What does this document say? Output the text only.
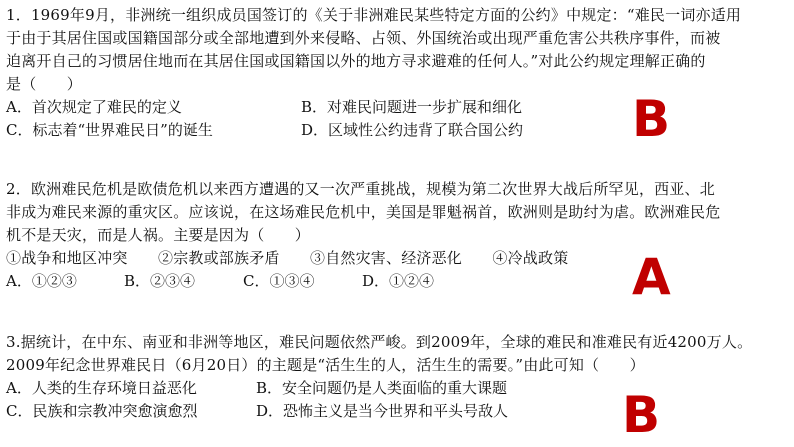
1．1969年9月，非洲统一组织成员国签订的《关于非洲难民某些特定方面的公约》中规定：“难民一词亦适用
于由于其居住国或国籍国部分或全部地遭到外来侵略、占领、外国统治或出现严重危害公共秩序事件，而被
迫离开自己的习惯居住地而在其居住国或国籍国以外的地方寻求避难的任何人。”对此公约规定理解正确的
是（　　）
A．首次规定了难民的定义	B．对难民问题进一步扩展和细化
C．标志着“世界难民日”的诞生	D．区域性公约违背了联合国公约 B
2．欧洲难民危机是欧债危机以来西方遭遇的又一次严重挑战，规模为第二次世界大战后所罕见，西亚、北
非成为难民来源的重灾区。应该说，在这场难民危机中，美国是罪魁祸首，欧洲则是助纣为虐。欧洲难民危
机不是天灾，而是人祸。主要是因为（　　）
①战争和地区冲突　　②宗教或部族矛盾　　③自然灾害、经济恶化　　④冷战政策
A．①②③	B．②③④	C．①③④	D．①②④	A
3.据统计，在中东、南亚和非洲等地区，难民问题依然严峻。到2009年，全球的难民和准难民有近4200万人。
2009年纪念世界难民日（6月20日）的主题是“活生生的人，活生生的需要。”由此可知（　　）
A．人类的生存环境日益恶化	B．安全问题仍是人类面临的重大课题
C．民族和宗教冲突愈演愈烈	D．恐怖主义是当今世界和平头号敌人 B
